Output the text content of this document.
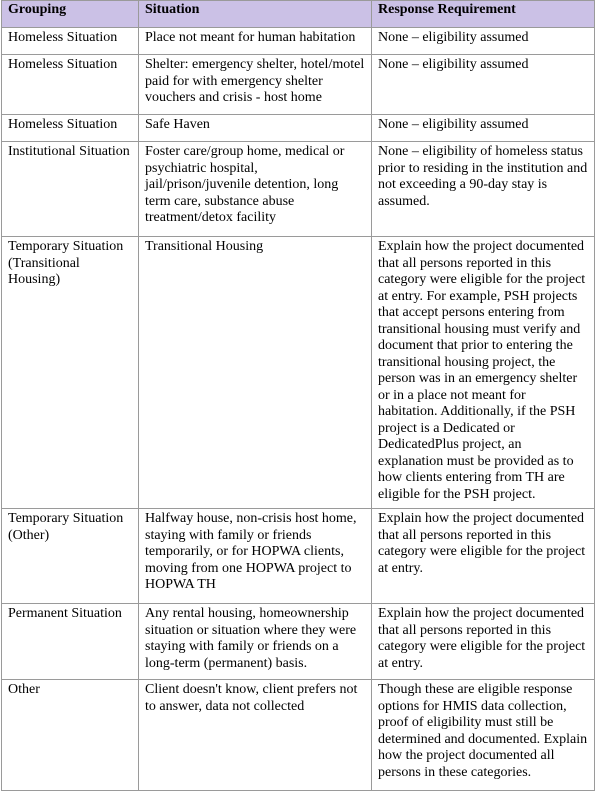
Grouping	Situation	Response Requirement
Homeless Situation	Place not meant for human habitation	None – eligibility assumed
Homeless Situation	Shelter: emergency shelter, hotel/motel paid for with emergency shelter vouchers and crisis - host home	None – eligibility assumed
Homeless Situation	Safe Haven	None – eligibility assumed
Institutional Situation	Foster care/group home, medical or psychiatric hospital, jail/prison/juvenile detention, long term care, substance abuse treatment/detox facility	None – eligibility of homeless status prior to residing in the institution and not exceeding a 90-day stay is assumed.
Temporary Situation (Transitional Housing)	Transitional Housing	Explain how the project documented that all persons reported in this category were eligible for the project at entry. For example, PSH projects that accept persons entering from transitional housing must verify and document that prior to entering the transitional housing project, the person was in an emergency shelter or in a place not meant for habitation. Additionally, if the PSH project is a Dedicated or DedicatedPlus project, an explanation must be provided as to how clients entering from TH are eligible for the PSH project.
Temporary Situation (Other)	Halfway house, non-crisis host home, staying with family or friends temporarily, or for HOPWA clients, moving from one HOPWA project to HOPWA TH	Explain how the project documented that all persons reported in this category were eligible for the project at entry.
Permanent Situation	Any rental housing, homeownership situation or situation where they were staying with family or friends on a long-term (permanent) basis.	Explain how the project documented that all persons reported in this category were eligible for the project at entry.
Other	Client doesn't know, client prefers not to answer, data not collected	Though these are eligible response options for HMIS data collection, proof of eligibility must still be determined and documented. Explain how the project documented all persons in these categories.
